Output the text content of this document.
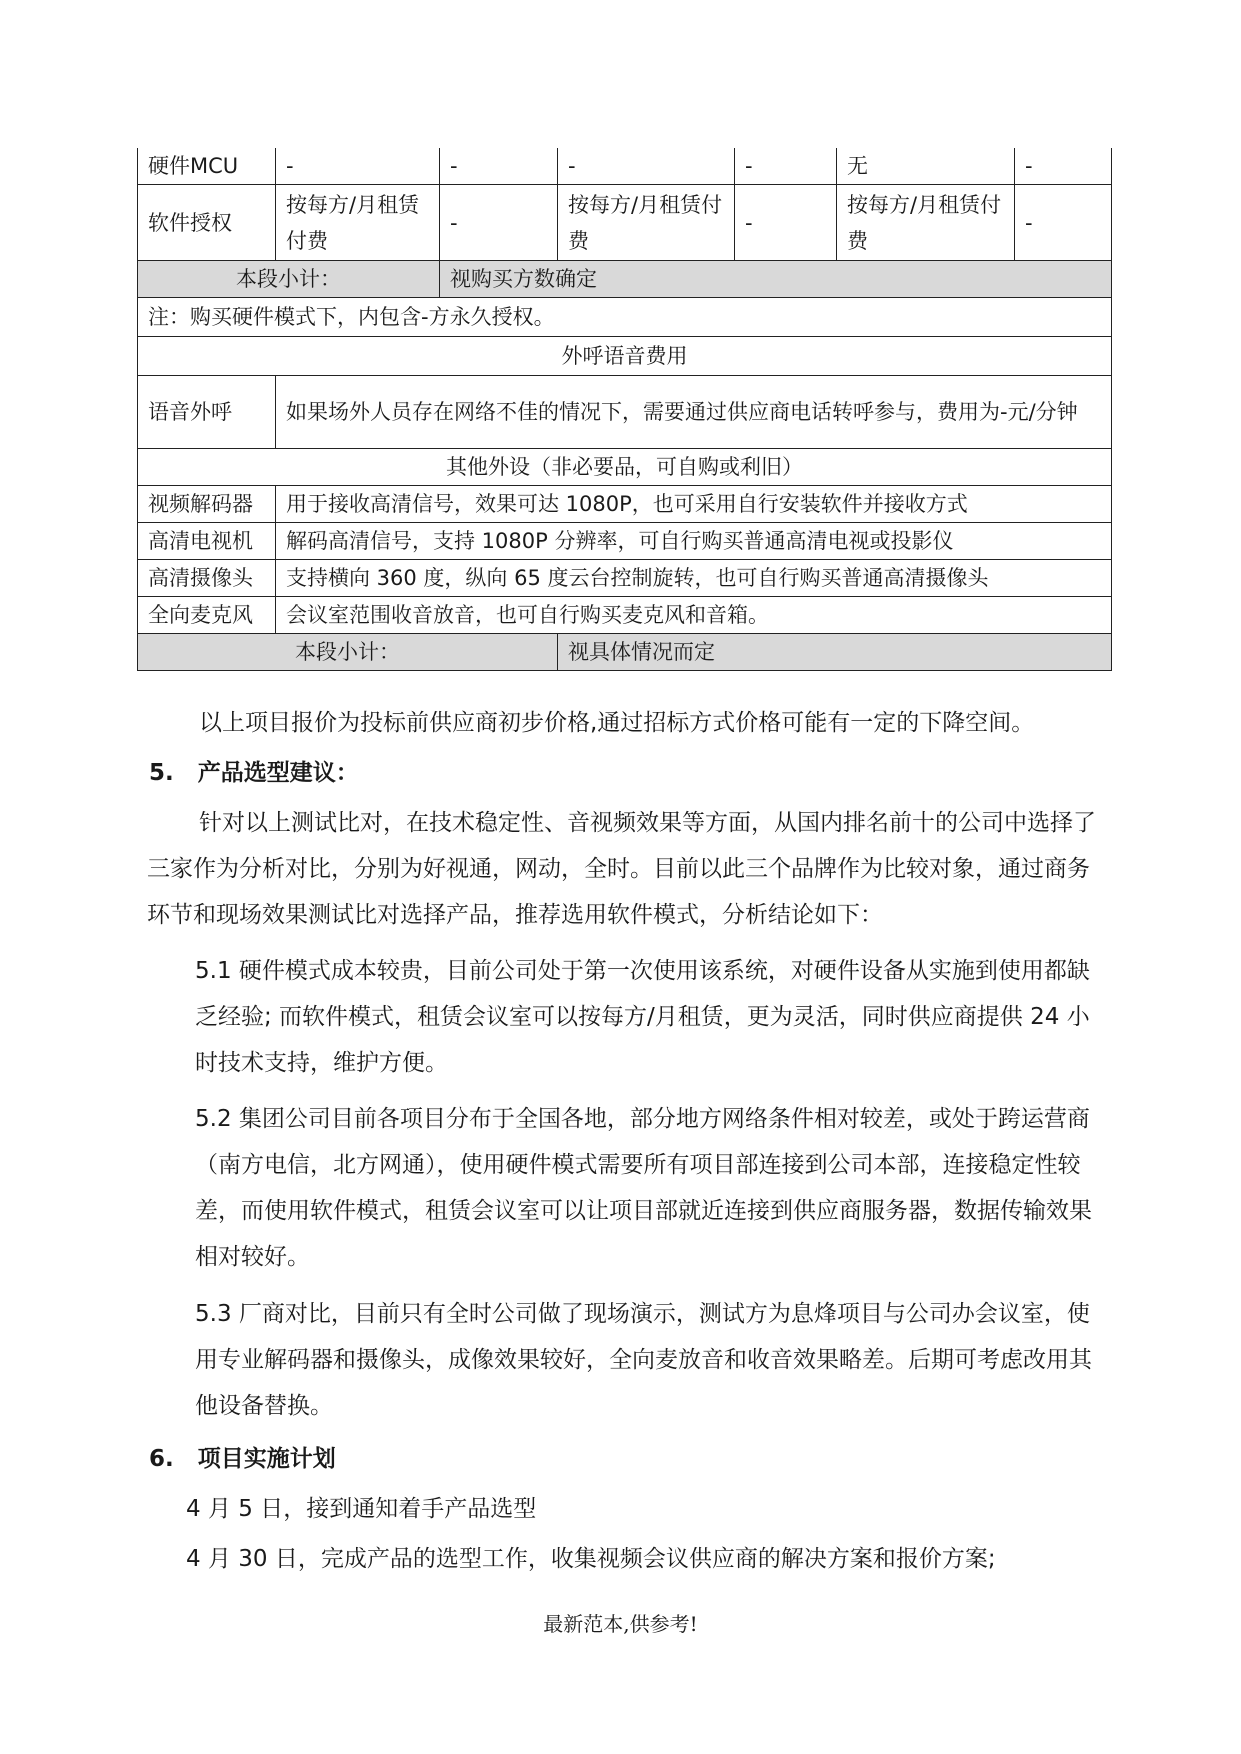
硬件MCU	-	-	-	-	无	-
软件授权	按每方/月租赁付费	-	按每方/月租赁付费	-	按每方/月租赁付费	-
本段小计：		视购买方数确定				
注：购买硬件模式下，内包含-方永久授权。						
外呼语音费用						
语音外呼	如果场外人员存在网络不佳的情况下，需要通过供应商电话转呼参与，费用为-元/分钟					
其他外设（非必要品，可自购或利旧）						
视频解码器	用于接收高清信号，效果可达 1080P，也可采用自行安装软件并接收方式					
高清电视机	解码高清信号，支持 1080P 分辨率，可自行购买普通高清电视或投影仪					
高清摄像头	支持横向 360 度，纵向 65 度云台控制旋转，也可自行购买普通高清摄像头					
全向麦克风	会议室范围收音放音，也可自行购买麦克风和音箱。					
本段小计：			视具体情况而定			
以上项目报价为投标前供应商初步价格,通过招标方式价格可能有一定的下降空间。
5.   产品选型建议：
针对以上测试比对，在技术稳定性、音视频效果等方面，从国内排名前十的公司中选择了三家作为分析对比，分别为好视通，网动，全时。目前以此三个品牌作为比较对象，通过商务环节和现场效果测试比对选择产品，推荐选用软件模式，分析结论如下：
5.1 硬件模式成本较贵，目前公司处于第一次使用该系统，对硬件设备从实施到使用都缺乏经验; 而软件模式，租赁会议室可以按每方/月租赁，更为灵活，同时供应商提供 24 小时技术支持，维护方便。
5.2 集团公司目前各项目分布于全国各地，部分地方网络条件相对较差，或处于跨运营商（南方电信，北方网通），使用硬件模式需要所有项目部连接到公司本部，连接稳定性较差，而使用软件模式，租赁会议室可以让项目部就近连接到供应商服务器，数据传输效果相对较好。
5.3 厂商对比，目前只有全时公司做了现场演示，测试方为息烽项目与公司办会议室，使用专业解码器和摄像头，成像效果较好，全向麦放音和收音效果略差。后期可考虑改用其他设备替换。
6.   项目实施计划
4 月 5 日，接到通知着手产品选型
4 月 30 日，完成产品的选型工作，收集视频会议供应商的解决方案和报价方案;
最新范本,供参考!
